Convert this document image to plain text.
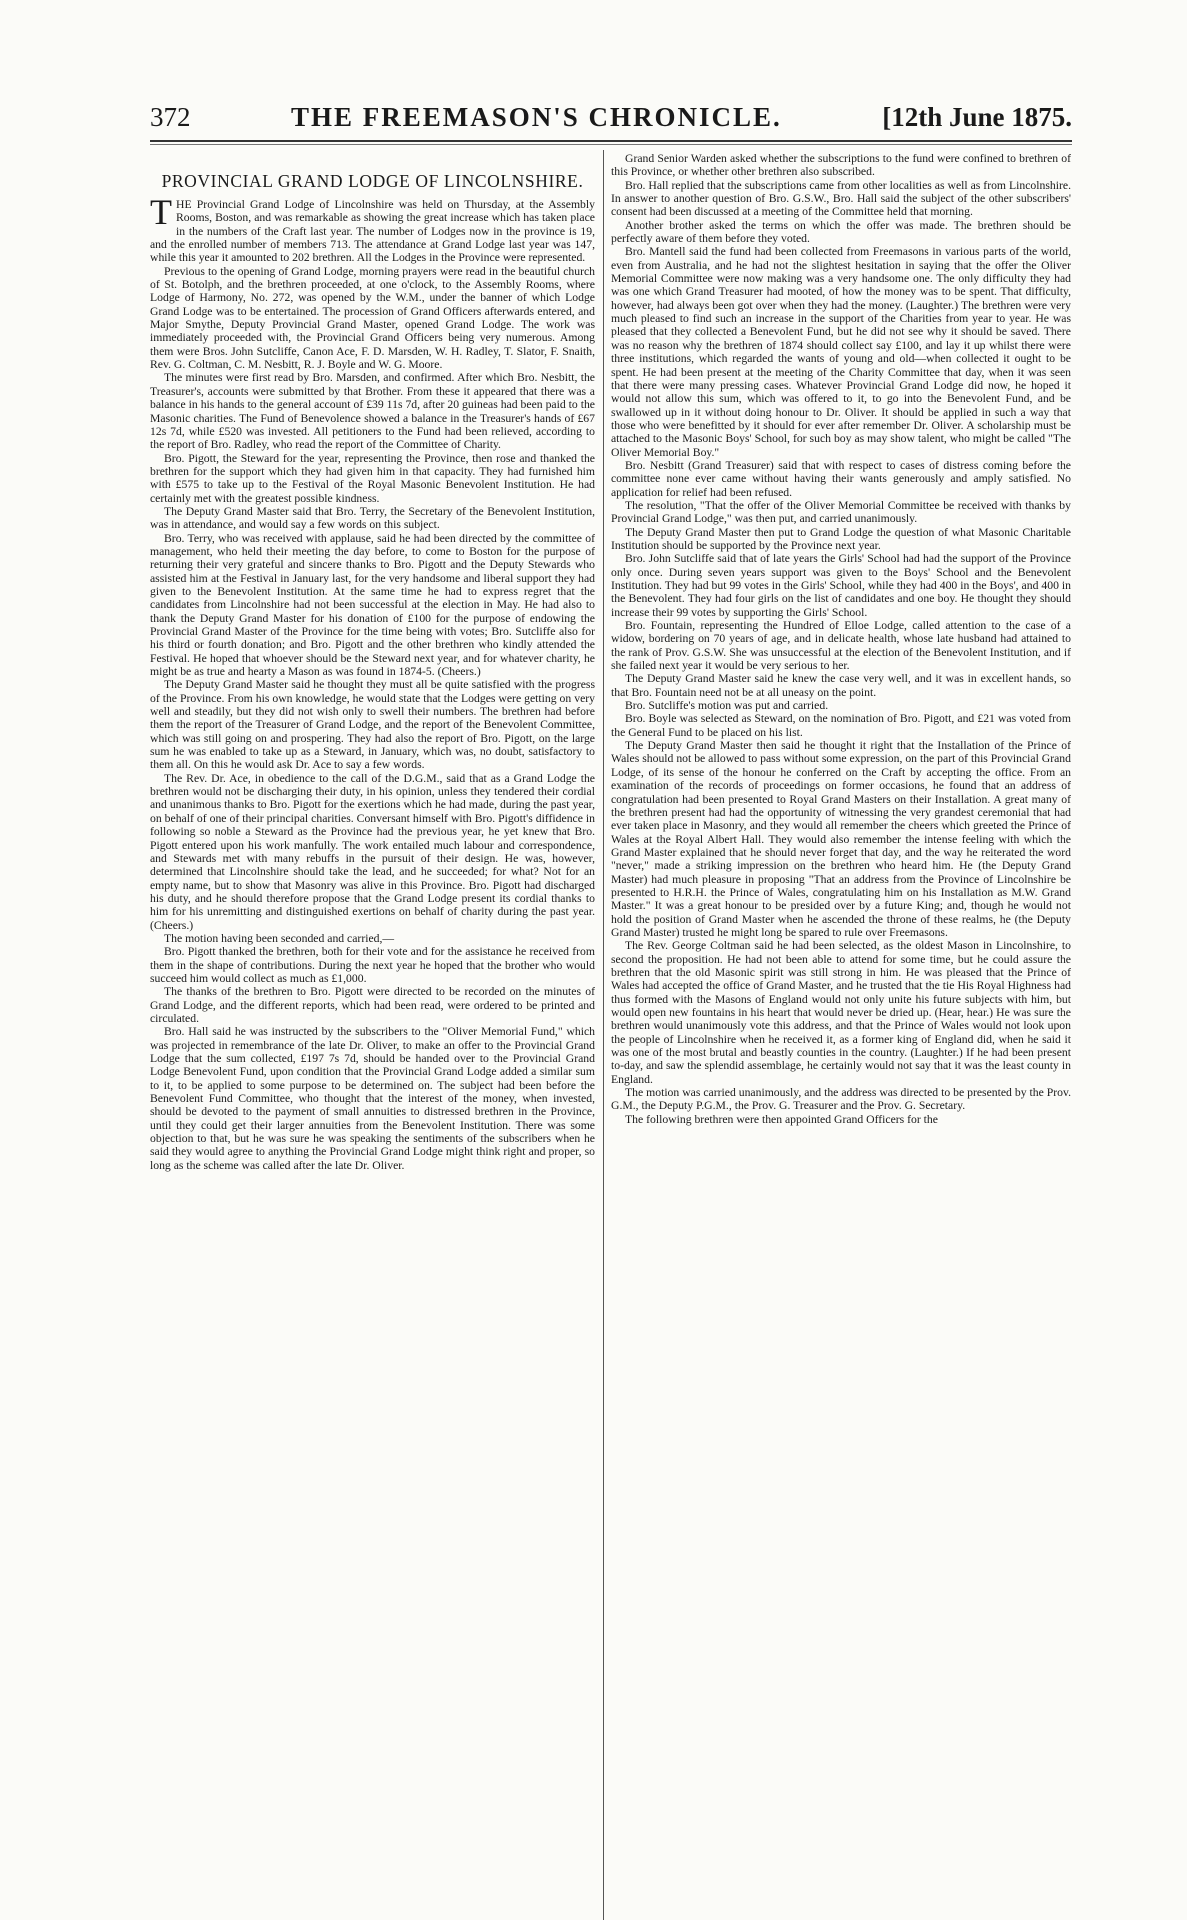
372	THE FREEMASON'S CHRONICLE.	[12th June 1875.
PROVINCIAL GRAND LODGE OF LINCOLNSHIRE.

THE Provincial Grand Lodge of Lincolnshire was held on Thursday, at the Assembly Rooms, Boston, and was remarkable as showing the great increase which has taken place in the numbers of the Craft last year. The number of Lodges now in the province is 19, and the enrolled number of members 713. The attendance at Grand Lodge last year was 147, while this year it amounted to 202 brethren. All the Lodges in the Province were represented.

Previous to the opening of Grand Lodge, morning prayers were read in the beautiful church of St. Botolph, and the brethren proceeded, at one o'clock, to the Assembly Rooms, where Lodge of Harmony, No. 272, was opened by the W.M., under the banner of which Lodge Grand Lodge was to be entertained. The procession of Grand Officers afterwards entered, and Major Smythe, Deputy Provincial Grand Master, opened Grand Lodge. The work was immediately proceeded with, the Provincial Grand Officers being very numerous. Among them were Bros. John Sutcliffe, Canon Ace, F. D. Marsden, W. H. Radley, T. Slator, F. Snaith, Rev. G. Coltman, C. M. Nesbitt, R. J. Boyle and W. G. Moore.

The minutes were first read by Bro. Marsden, and confirmed. After which Bro. Nesbitt, the Treasurer's, accounts were submitted by that Brother. From these it appeared that there was a balance in his hands to the general account of £39 11s 7d, after 20 guineas had been paid to the Masonic charities. The Fund of Benevolence showed a balance in the Treasurer's hands of £67 12s 7d, while £520 was invested. All petitioners to the Fund had been relieved, according to the report of Bro. Radley, who read the report of the Committee of Charity.

Bro. Pigott, the Steward for the year, representing the Province, then rose and thanked the brethren for the support which they had given him in that capacity. They had furnished him with £575 to take up to the Festival of the Royal Masonic Benevolent Institution. He had certainly met with the greatest possible kindness.

The Deputy Grand Master said that Bro. Terry, the Secretary of the Benevolent Institution, was in attendance, and would say a few words on this subject.

Bro. Terry, who was received with applause, said he had been directed by the committee of management, who held their meeting the day before, to come to Boston for the purpose of returning their very grateful and sincere thanks to Bro. Pigott and the Deputy Stewards who assisted him at the Festival in January last, for the very handsome and liberal support they had given to the Benevolent Institution. At the same time he had to express regret that the candidates from Lincolnshire had not been successful at the election in May. He had also to thank the Deputy Grand Master for his donation of £100 for the purpose of endowing the Provincial Grand Master of the Province for the time being with votes; Bro. Sutcliffe also for his third or fourth donation; and Bro. Pigott and the other brethren who kindly attended the Festival. He hoped that whoever should be the Steward next year, and for whatever charity, he might be as true and hearty a Mason as was found in 1874-5. (Cheers.)

The Deputy Grand Master said he thought they must all be quite satisfied with the progress of the Province. From his own knowledge, he would state that the Lodges were getting on very well and steadily, but they did not wish only to swell their numbers. The brethren had before them the report of the Treasurer of Grand Lodge, and the report of the Benevolent Committee, which was still going on and prospering. They had also the report of Bro. Pigott, on the large sum he was enabled to take up as a Steward, in January, which was, no doubt, satisfactory to them all. On this he would ask Dr. Ace to say a few words.

The Rev. Dr. Ace, in obedience to the call of the D.G.M., said that as a Grand Lodge the brethren would not be discharging their duty, in his opinion, unless they tendered their cordial and unanimous thanks to Bro. Pigott for the exertions which he had made, during the past year, on behalf of one of their principal charities. Conversant himself with Bro. Pigott's diffidence in following so noble a Steward as the Province had the previous year, he yet knew that Bro. Pigott entered upon his work manfully. The work entailed much labour and correspondence, and Stewards met with many rebuffs in the pursuit of their design. He was, however, determined that Lincolnshire should take the lead, and he succeeded; for what? Not for an empty name, but to show that Masonry was alive in this Province. Bro. Pigott had discharged his duty, and he should therefore propose that the Grand Lodge present its cordial thanks to him for his unremitting and distinguished exertions on behalf of charity during the past year. (Cheers.)

The motion having been seconded and carried,—

Bro. Pigott thanked the brethren, both for their vote and for the assistance he received from them in the shape of contributions. During the next year he hoped that the brother who would succeed him would collect as much as £1,000.

The thanks of the brethren to Bro. Pigott were directed to be recorded on the minutes of Grand Lodge, and the different reports, which had been read, were ordered to be printed and circulated.

Bro. Hall said he was instructed by the subscribers to the "Oliver Memorial Fund," which was projected in remembrance of the late Dr. Oliver, to make an offer to the Provincial Grand Lodge that the sum collected, £197 7s 7d, should be handed over to the Provincial Grand Lodge Benevolent Fund, upon condition that the Provincial Grand Lodge added a similar sum to it, to be applied to some purpose to be determined on. The subject had been before the Benevolent Fund Committee, who thought that the interest of the money, when invested, should be devoted to the payment of small annuities to distressed brethren in the Province, until they could get their larger annuities from the Benevolent Institution. There was some objection to that, but he was sure he was speaking the sentiments of the subscribers when he said they would agree to anything the Provincial Grand Lodge might think right and proper, so long as the scheme was called after the late Dr. Oliver.

Grand Senior Warden asked whether the subscriptions to the fund were confined to brethren of this Province, or whether other brethren also subscribed.

Bro. Hall replied that the subscriptions came from other localities as well as from Lincolnshire. In answer to another question of Bro. G.S.W., Bro. Hall said the subject of the other subscribers' consent had been discussed at a meeting of the Committee held that morning.

Another brother asked the terms on which the offer was made. The brethren should be perfectly aware of them before they voted.

Bro. Mantell said the fund had been collected from Freemasons in various parts of the world, even from Australia, and he had not the slightest hesitation in saying that the offer the Oliver Memorial Committee were now making was a very handsome one. The only difficulty they had was one which Grand Treasurer had mooted, of how the money was to be spent. That difficulty, however, had always been got over when they had the money. (Laughter.) The brethren were very much pleased to find such an increase in the support of the Charities from year to year. He was pleased that they collected a Benevolent Fund, but he did not see why it should be saved. There was no reason why the brethren of 1874 should collect say £100, and lay it up whilst there were three institutions, which regarded the wants of young and old—when collected it ought to be spent. He had been present at the meeting of the Charity Committee that day, when it was seen that there were many pressing cases. Whatever Provincial Grand Lodge did now, he hoped it would not allow this sum, which was offered to it, to go into the Benevolent Fund, and be swallowed up in it without doing honour to Dr. Oliver. It should be applied in such a way that those who were benefitted by it should for ever after remember Dr. Oliver. A scholarship must be attached to the Masonic Boys' School, for such boy as may show talent, who might be called "The Oliver Memorial Boy."

Bro. Nesbitt (Grand Treasurer) said that with respect to cases of distress coming before the committee none ever came without having their wants generously and amply satisfied. No application for relief had been refused.

The resolution, "That the offer of the Oliver Memorial Committee be received with thanks by Provincial Grand Lodge," was then put, and carried unanimously.

The Deputy Grand Master then put to Grand Lodge the question of what Masonic Charitable Institution should be supported by the Province next year.

Bro. John Sutcliffe said that of late years the Girls' School had had the support of the Province only once. During seven years support was given to the Boys' School and the Benevolent Institution. They had but 99 votes in the Girls' School, while they had 400 in the Boys', and 400 in the Benevolent. They had four girls on the list of candidates and one boy. He thought they should increase their 99 votes by supporting the Girls' School.

Bro. Fountain, representing the Hundred of Elloe Lodge, called attention to the case of a widow, bordering on 70 years of age, and in delicate health, whose late husband had attained to the rank of Prov. G.S.W. She was unsuccessful at the election of the Benevolent Institution, and if she failed next year it would be very serious to her.

The Deputy Grand Master said he knew the case very well, and it was in excellent hands, so that Bro. Fountain need not be at all uneasy on the point.

Bro. Sutcliffe's motion was put and carried.

Bro. Boyle was selected as Steward, on the nomination of Bro. Pigott, and £21 was voted from the General Fund to be placed on his list.

The Deputy Grand Master then said he thought it right that the Installation of the Prince of Wales should not be allowed to pass without some expression, on the part of this Provincial Grand Lodge, of its sense of the honour he conferred on the Craft by accepting the office. From an examination of the records of proceedings on former occasions, he found that an address of congratulation had been presented to Royal Grand Masters on their Installation. A great many of the brethren present had had the opportunity of witnessing the very grandest ceremonial that had ever taken place in Masonry, and they would all remember the cheers which greeted the Prince of Wales at the Royal Albert Hall. They would also remember the intense feeling with which the Grand Master explained that he should never forget that day, and the way he reiterated the word "never," made a striking impression on the brethren who heard him. He (the Deputy Grand Master) had much pleasure in proposing "That an address from the Province of Lincolnshire be presented to H.R.H. the Prince of Wales, congratulating him on his Installation as M.W. Grand Master." It was a great honour to be presided over by a future King; and, though he would not hold the position of Grand Master when he ascended the throne of these realms, he (the Deputy Grand Master) trusted he might long be spared to rule over Freemasons.

The Rev. George Coltman said he had been selected, as the oldest Mason in Lincolnshire, to second the proposition. He had not been able to attend for some time, but he could assure the brethren that the old Masonic spirit was still strong in him. He was pleased that the Prince of Wales had accepted the office of Grand Master, and he trusted that the tie His Royal Highness had thus formed with the Masons of England would not only unite his future subjects with him, but would open new fountains in his heart that would never be dried up. (Hear, hear.) He was sure the brethren would unanimously vote this address, and that the Prince of Wales would not look upon the people of Lincolnshire when he received it, as a former king of England did, when he said it was one of the most brutal and beastly counties in the country. (Laughter.) If he had been present to-day, and saw the splendid assemblage, he certainly would not say that it was the least county in England.

The motion was carried unanimously, and the address was directed to be presented by the Prov. G.M., the Deputy P.G.M., the Prov. G. Treasurer and the Prov. G. Secretary.

The following brethren were then appointed Grand Officers for the
